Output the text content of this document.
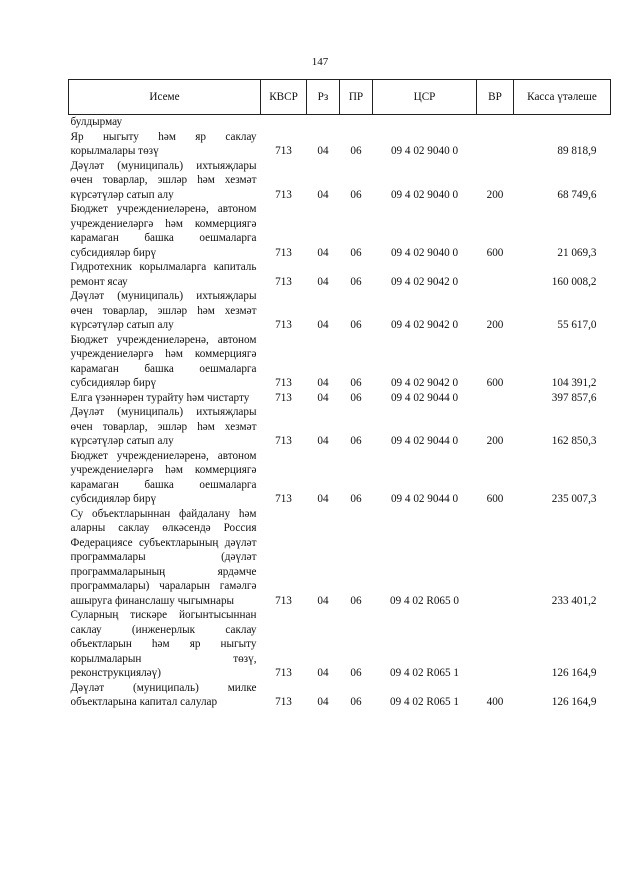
147
Исеме	КВСР	Рз	ПР	ЦСР	ВР	Касса үтәлеше
булдырмау						
Яр ныгыту һәм яр саклау корылмалары төзү	713	04	06	09 4 02 9040 0		89 818,9
Дәүләт (муниципаль) ихтыяҗлары өчен товарлар, эшләр һәм хезмәт күрсәтүләр сатып алу	713	04	06	09 4 02 9040 0	200	68 749,6
Бюджет учреждениеләренә, автоном учреждениеләргә һәм коммерциягә карамаган башка оешмаларга субсидияләр бирү	713	04	06	09 4 02 9040 0	600	21 069,3
Гидротехник корылмаларга капиталь ремонт ясау	713	04	06	09 4 02 9042 0		160 008,2
Дәүләт (муниципаль) ихтыяҗлары өчен товарлар, эшләр һәм хезмәт күрсәтүләр сатып алу	713	04	06	09 4 02 9042 0	200	55 617,0
Бюджет учреждениеләренә, автоном учреждениеләргә һәм коммерциягә карамаган башка оешмаларга субсидияләр бирү	713	04	06	09 4 02 9042 0	600	104 391,2
Елга үзәннәрен турайту һәм чистарту	713	04	06	09 4 02 9044 0		397 857,6
Дәүләт (муниципаль) ихтыяҗлары өчен товарлар, эшләр һәм хезмәт күрсәтүләр сатып алу	713	04	06	09 4 02 9044 0	200	162 850,3
Бюджет учреждениеләренә, автоном учреждениеләргә һәм коммерциягә карамаган башка оешмаларга субсидияләр бирү	713	04	06	09 4 02 9044 0	600	235 007,3
Су объектларыннан файдалану һәм аларны саклау өлкәсендә Россия Федерациясе субъектларының дәүләт программалары (дәүләт программаларының ярдәмче программалары) чараларын гамәлгә ашыруга финанслашу чыгымнары	713	04	06	09 4 02 R065 0		233 401,2
Суларның тискәре йогынтысыннан саклау (инженерлык саклау объектларын һәм яр ныгыту корылмаларын төзү, реконструкцияләү)	713	04	06	09 4 02 R065 1		126 164,9
Дәүләт (муниципаль) милке объектларына капитал салулар	713	04	06	09 4 02 R065 1	400	126 164,9
